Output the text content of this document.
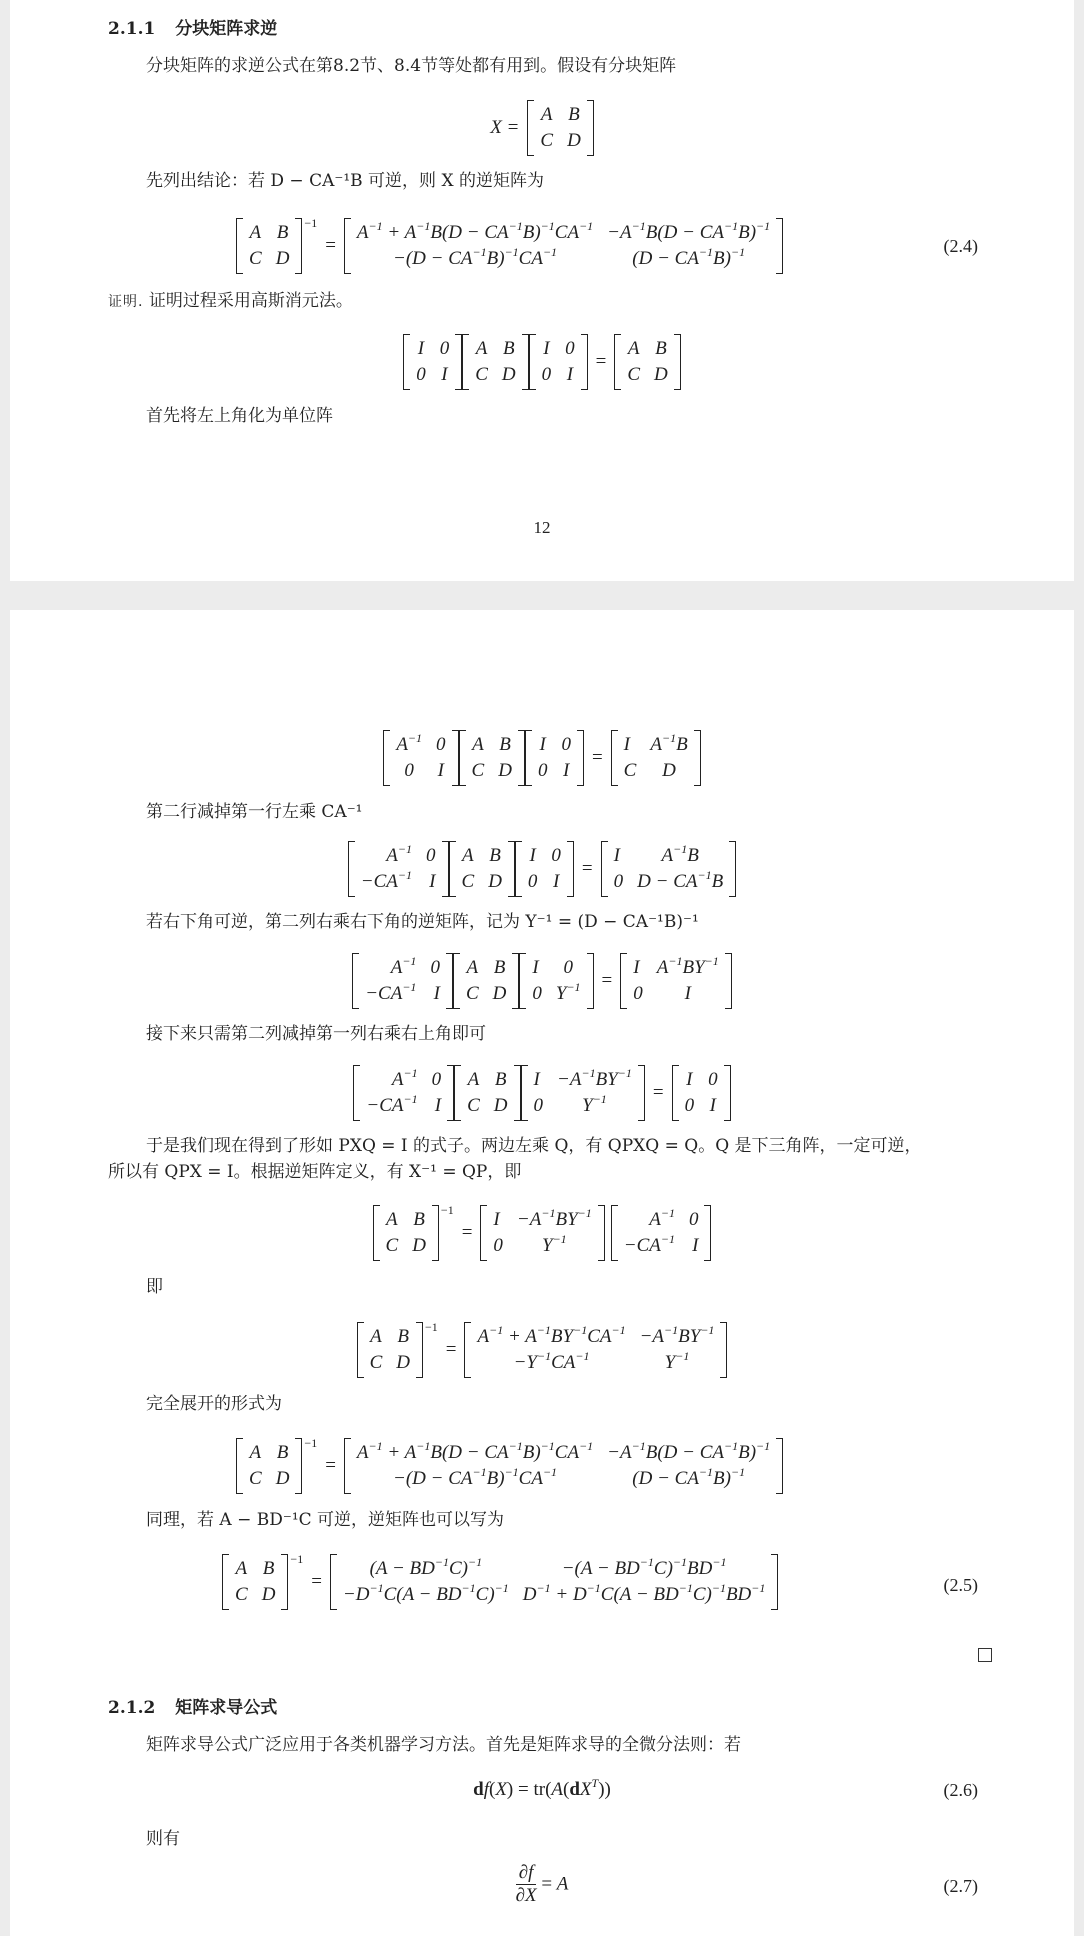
2.1.1 分块矩阵求逆
分块矩阵的求逆公式在第8.2节、8.4节等处都有用到。假设有分块矩阵
X =
A	B
C	D
先列出结论：若 D − CA⁻¹B 可逆，则 X 的逆矩阵为
A	B
C	D
−1
=
$A^{-1} + A^{-1}B(D - CA^{-1}B)^{-1}CA^{-1}$	$-A^{-1}B(D - CA^{-1}B)^{-1}$
$-(D - CA^{-1}B)^{-1}CA^{-1}$	$(D - CA^{-1}B)^{-1}$	(2.4)
证明. 证明过程采用高斯消元法。
I	0
0	I
A	B
C	D
I	0
0	I
=
A	B
C	D
首先将左上角化为单位阵
12
$A^{-1}$	0
0	I
A	B
C	D
I	0
0	I
=
I	$A^{-1}B$
C	D
第二行减掉第一行左乘 CA⁻¹
$A^{-1}$	0
$-CA^{-1}$	I
A	B
C	D
I	0
0	I
=
I	$A^{-1}B$
0	$D - CA^{-1}B$
若右下角可逆，第二列右乘右下角的逆矩阵，记为 Y⁻¹ = (D − CA⁻¹B)⁻¹
$A^{-1}$	0
$-CA^{-1}$	I
A	B
C	D
I	0
0	$Y^{-1}$	=
I	$A^{-1}BY^{-1}$
0	I
接下来只需第二列减掉第一列右乘右上角即可
$A^{-1}$	0
$-CA^{-1}$	I
A	B
C	D
I	$-A^{-1}BY^{-1}$
0	$Y^{-1}$	=
I	0
0	I
于是我们现在得到了形如 PXQ = I 的式子。两边左乘 Q，有 QPXQ = Q。Q 是下三角阵，一定可逆，
所以有 QPX = I。根据逆矩阵定义，有 X⁻¹ = QP，即
A	B
C	D
−1
=
I	$-A^{-1}BY^{-1}$
0	$Y^{-1}$
$A^{-1}$	0
$-CA^{-1}$	I
即
A	B
C	D
−1
=
$A^{-1} + A^{-1}BY^{-1}CA^{-1}$	$-A^{-1}BY^{-1}$
$-Y^{-1}CA^{-1}$	$Y^{-1}$
完全展开的形式为
A	B
C	D
−1
=
$A^{-1} + A^{-1}B(D - CA^{-1}B)^{-1}CA^{-1}$	$-A^{-1}B(D - CA^{-1}B)^{-1}$
$-(D - CA^{-1}B)^{-1}CA^{-1}$	$(D - CA^{-1}B)^{-1}$
同理，若 A − BD⁻¹C 可逆，逆矩阵也可以写为
A	B
C	D
−1
=
$(A - BD^{-1}C)^{-1}$	$-(A - BD^{-1}C)^{-1}BD^{-1}$
$-D^{-1}C(A - BD^{-1}C)^{-1}$	$D^{-1} + D^{-1}C(A - BD^{-1}C)^{-1}BD^{-1}$	(2.5)
2.1.2 矩阵求导公式
矩阵求导公式广泛应用于各类机器学习方法。首先是矩阵求导的全微分法则：若
$df(X) = tr(A(dX^T))$	(2.6)
则有
$\frac{\partial f}{\partial X} = A$	(2.7)
